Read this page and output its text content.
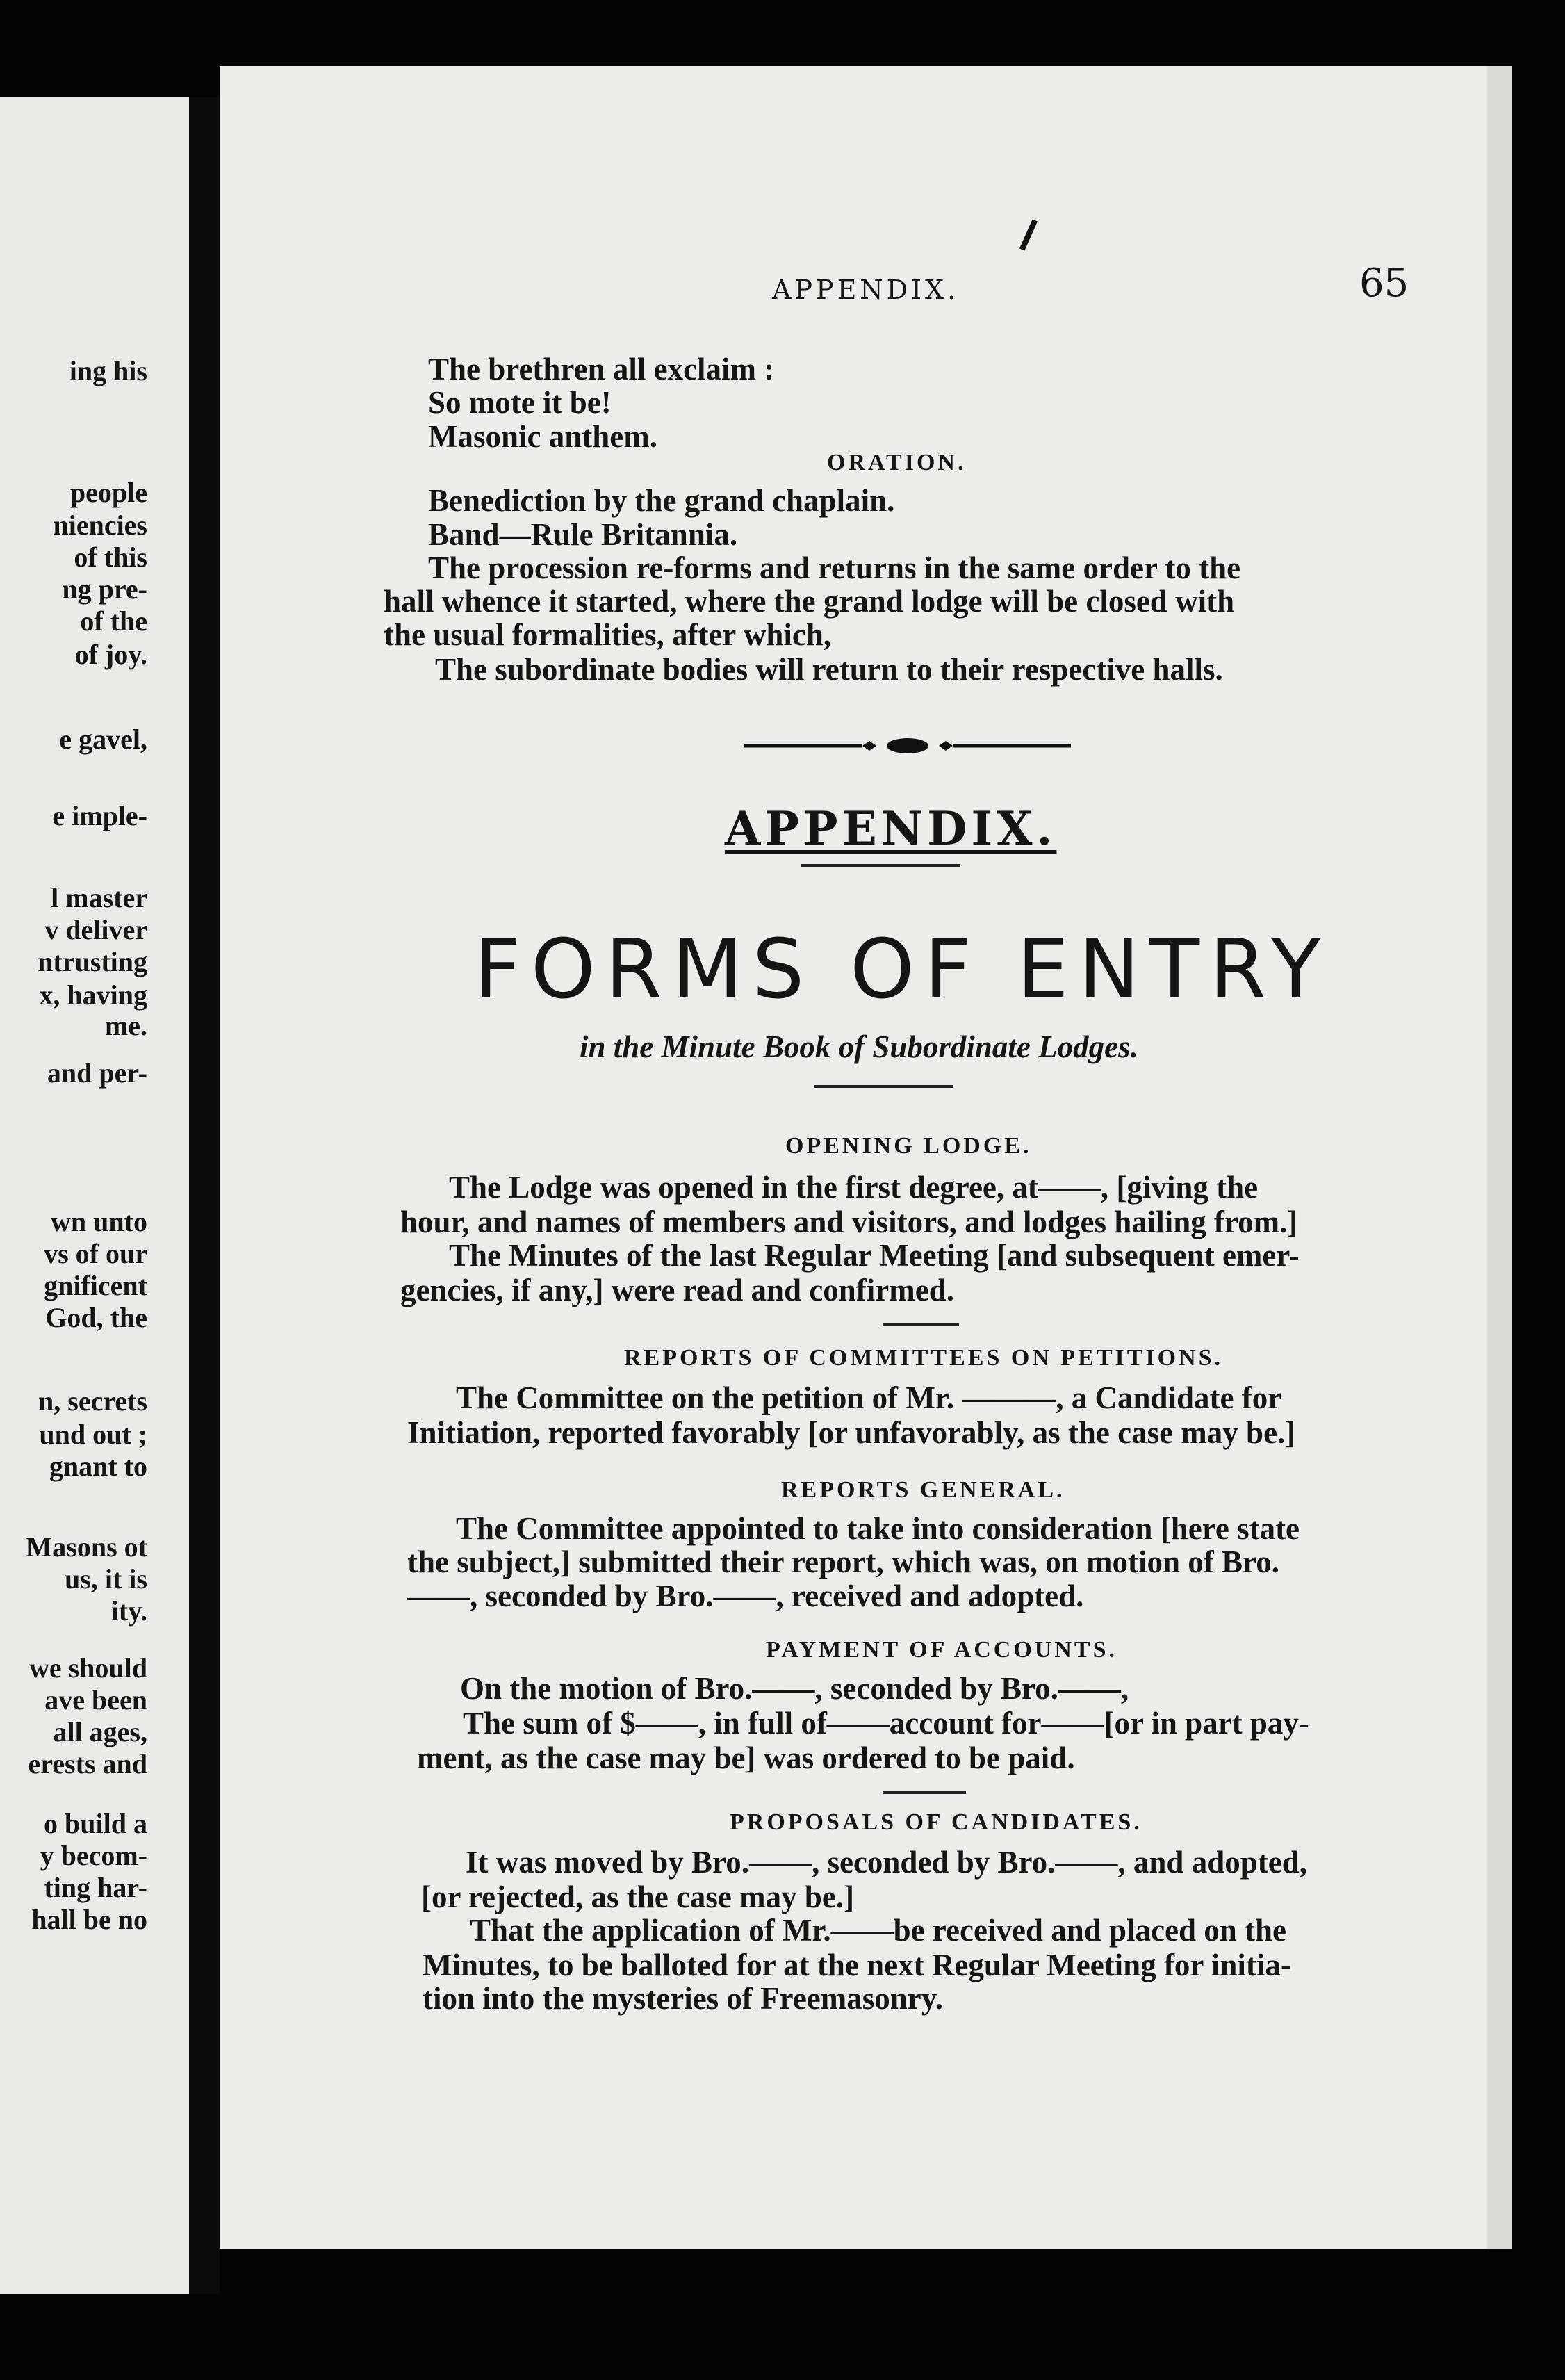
ing his
people
niencies
of this
ng pre-
of the
of joy.
e gavel,
e imple-
l master
v deliver
ntrusting
x, having
me.
and per-
wn unto
vs of our
gnificent
God, the
n, secrets
und out ;
gnant to
Masons ot
us, it is
ity.
we should
ave been
all ages,
erests and
o build a
y becom-
ting har-
hall be no
APPENDIX.	65
The brethren all exclaim :
So mote it be!
Masonic anthem.
ORATION.
Benediction by the grand chaplain.
Band—Rule Britannia.
The procession re-forms and returns in the same order to the
hall whence it started, where the grand lodge will be closed with
the usual formalities, after which,
The subordinate bodies will return to their respective halls.
APPENDIX.
FORMS OF ENTRY
in the Minute Book of Subordinate Lodges.
OPENING LODGE.
The Lodge was opened in the first degree, at——, [giving the
hour, and names of members and visitors, and lodges hailing from.]
The Minutes of the last Regular Meeting [and subsequent emer-
gencies, if any,] were read and confirmed.
REPORTS OF COMMITTEES ON PETITIONS.
The Committee on the petition of Mr. ———, a Candidate for
Initiation, reported favorably [or unfavorably, as the case may be.]
REPORTS GENERAL.
The Committee appointed to take into consideration [here state
the subject,] submitted their report, which was, on motion of Bro.
——, seconded by Bro.——, received and adopted.
PAYMENT OF ACCOUNTS.
On the motion of Bro.——, seconded by Bro.——,
The sum of $——, in full of——account for——[or in part pay-
ment, as the case may be] was ordered to be paid.
PROPOSALS OF CANDIDATES.
It was moved by Bro.——, seconded by Bro.——, and adopted,
[or rejected, as the case may be.]
That the application of Mr.——be received and placed on the
Minutes, to be balloted for at the next Regular Meeting for initia-
tion into the mysteries of Freemasonry.
